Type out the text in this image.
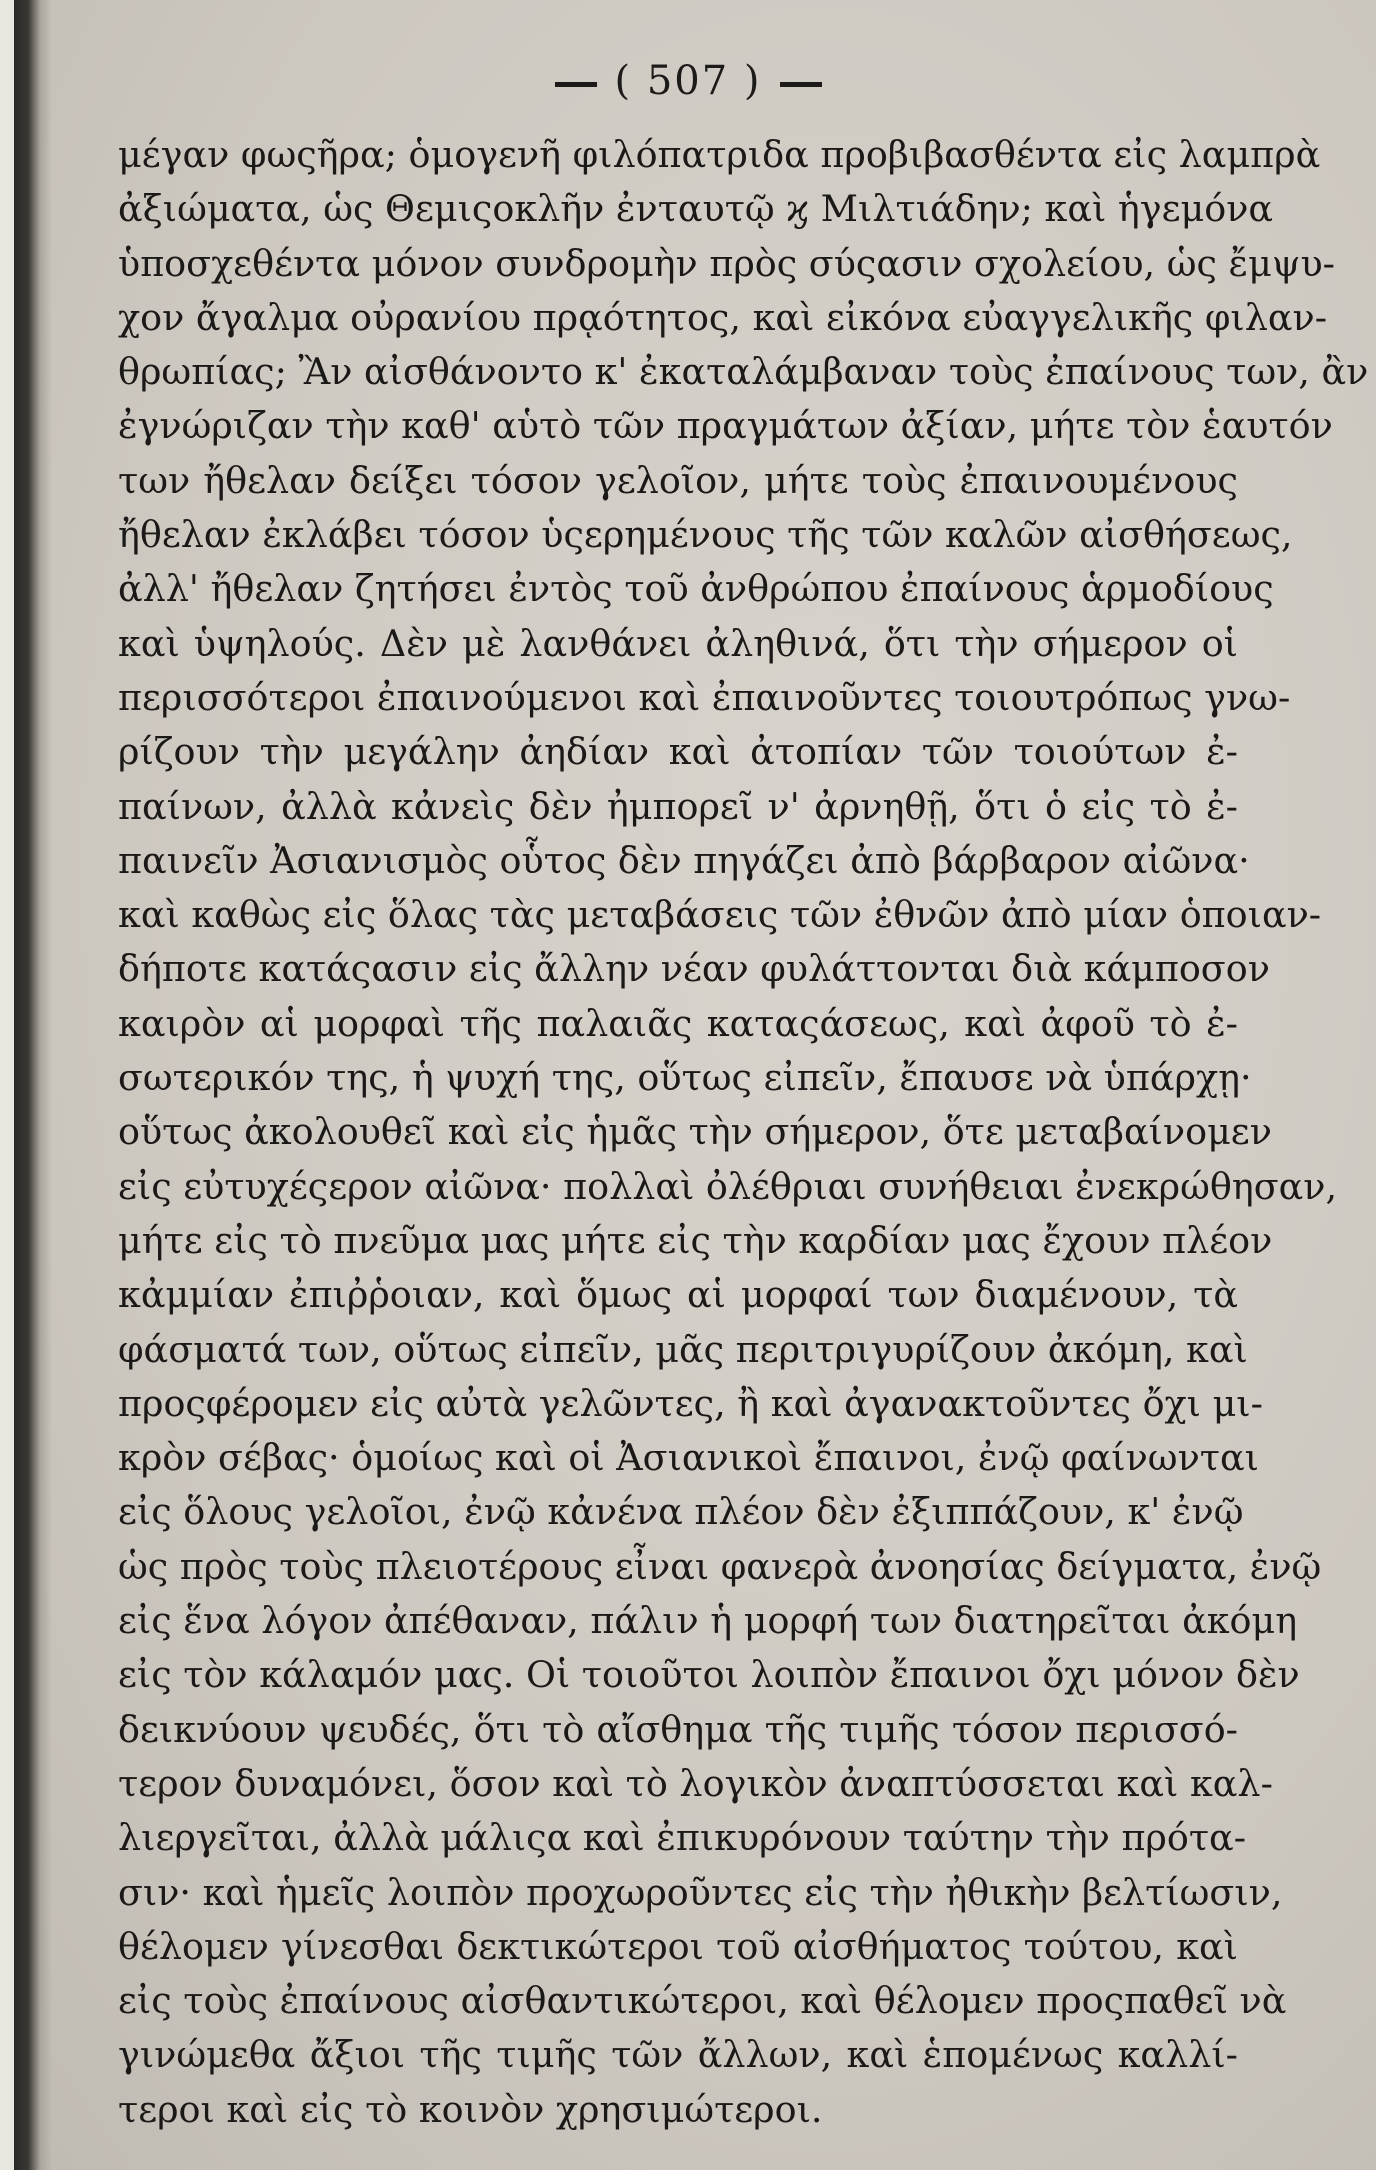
( 507 )
μέγαν φωςῆρα; ὁμογενῆ φιλόπατριδα προβιβασθέντα εἰς λαμπρὰ
ἀξιώματα, ὡς Θεμιςοκλῆν ἐνταυτῷ ϗ Μιλτιάδην; καὶ ἡγεμόνα
ὑποσχεθέντα μόνον συνδρομὴν πρὸς σύςασιν σχολείου, ὡς ἔμψυ-
χον ἄγαλμα οὐρανίου πρᾳότητος, καὶ εἰκόνα εὐαγγελικῆς φιλαν-
θρωπίας; Ἂν αἰσθάνοντο κ' ἐκαταλάμβαναν τοὺς ἐπαίνους των, ἂν
ἐγνώριζαν τὴν καθ' αὑτὸ τῶν πραγμάτων ἀξίαν, μήτε τὸν ἑαυτόν
των ἤθελαν δείξει τόσον γελοῖον, μήτε τοὺς ἐπαινουμένους
ἤθελαν ἐκλάβει τόσον ὑςερημένους τῆς τῶν καλῶν αἰσθήσεως,
ἀλλ' ἤθελαν ζητήσει ἐντὸς τοῦ ἀνθρώπου ἐπαίνους ἁρμοδίους
καὶ ὑψηλούς. Δὲν μὲ λανθάνει ἀληθινά, ὅτι τὴν σήμερον οἱ
περισσότεροι ἐπαινούμενοι καὶ ἐπαινοῦντες τοιουτρόπως γνω-
ρίζουν τὴν μεγάλην ἀηδίαν καὶ ἀτοπίαν τῶν τοιούτων ἐ-
παίνων, ἀλλὰ κἀνεὶς δὲν ἠμπορεῖ ν' ἀρνηθῇ, ὅτι ὁ εἰς τὸ ἐ-
παινεῖν Ἀσιανισμὸς οὗτος δὲν πηγάζει ἀπὸ βάρβαρον αἰῶνα·
καὶ καθὼς εἰς ὅλας τὰς μεταβάσεις τῶν ἐθνῶν ἀπὸ μίαν ὁποιαν-
δήποτε κατάςασιν εἰς ἄλλην νέαν φυλάττονται διὰ κάμποσον
καιρὸν αἱ μορφαὶ τῆς παλαιᾶς καταςάσεως, καὶ ἀφοῦ τὸ ἐ-
σωτερικόν της, ἡ ψυχή της, οὕτως εἰπεῖν, ἔπαυσε νὰ ὑπάρχῃ·
οὕτως ἀκολουθεῖ καὶ εἰς ἡμᾶς τὴν σήμερον, ὅτε μεταβαίνομεν
εἰς εὐτυχέςερον αἰῶνα· πολλαὶ ὀλέθριαι συνήθειαι ἐνεκρώθησαν,
μήτε εἰς τὸ πνεῦμα μας μήτε εἰς τὴν καρδίαν μας ἔχουν πλέον
κἀμμίαν ἐπιῤῥοιαν, καὶ ὅμως αἱ μορφαί των διαμένουν, τὰ
φάσματά των, οὕτως εἰπεῖν, μᾶς περιτριγυρίζουν ἀκόμη, καὶ
προςφέρομεν εἰς αὐτὰ γελῶντες, ἢ καὶ ἀγανακτοῦντες ὄχι μι-
κρὸν σέβας· ὁμοίως καὶ οἱ Ἀσιανικοὶ ἔπαινοι, ἐνῷ φαίνωνται
εἰς ὅλους γελοῖοι, ἐνῷ κἀνένα πλέον δὲν ἐξιππάζουν, κ' ἐνῷ
ὡς πρὸς τοὺς πλειοτέρους εἶναι φανερὰ ἀνοησίας δείγματα, ἐνῷ
εἰς ἕνα λόγον ἀπέθαναν, πάλιν ἡ μορφή των διατηρεῖται ἀκόμη
εἰς τὸν κάλαμόν μας. Οἱ τοιοῦτοι λοιπὸν ἔπαινοι ὄχι μόνον δὲν
δεικνύουν ψευδές, ὅτι τὸ αἴσθημα τῆς τιμῆς τόσον περισσό-
τερον δυναμόνει, ὅσον καὶ τὸ λογικὸν ἀναπτύσσεται καὶ καλ-
λιεργεῖται, ἀλλὰ μάλιςα καὶ ἐπικυρόνουν ταύτην τὴν πρότα-
σιν· καὶ ἡμεῖς λοιπὸν προχωροῦντες εἰς τὴν ἠθικὴν βελτίωσιν,
θέλομεν γίνεσθαι δεκτικώτεροι τοῦ αἰσθήματος τούτου, καὶ
εἰς τοὺς ἐπαίνους αἰσθαντικώτεροι, καὶ θέλομεν προςπαθεῖ νὰ
γινώμεθα ἄξιοι τῆς τιμῆς τῶν ἄλλων, καὶ ἑπομένως καλλί-
τεροι καὶ εἰς τὸ κοινὸν χρησιμώτεροι.
